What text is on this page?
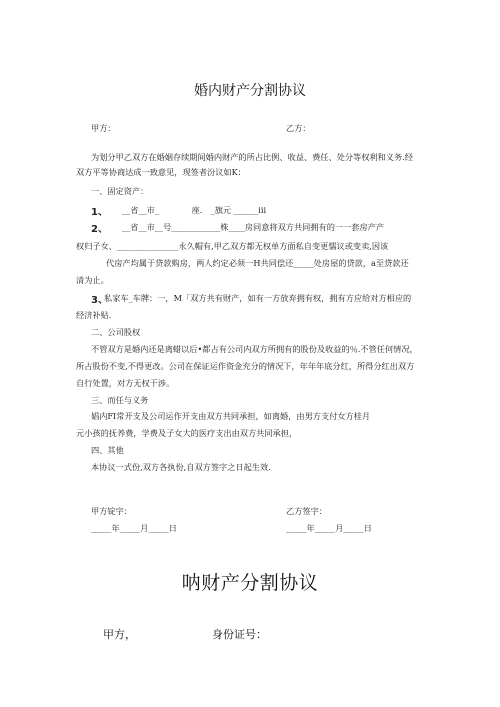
婚内财产分割协议
甲方：	乙方：
为划分甲乙双方在婚姻存续期间婚内财产的所占比例、收益、费任、处分等权利和义务.经
双方平等协商达成一致意见，现签者汾议如K：
一、固定资产：
1、 __省__市_　　　　座.　_旗元 ______ⅲ
2、 __省__市__号____________株____房同意将双方共同拥有的一一套房产产
权归子女、_______________永久帽有,甲乙双方都无权单方面私自变更懦议或变卖,因该
代房产均属于贷款购房，两人约定必须一H共同偿还_____处房屋的贷款，a至贷款还
清为止。
3、
私家车_车牌：一，M「双方共有财产，如有一方放弃拥有权，拥有方应给对方相应的
经济补贴.
二、公司股权
不管双方是婚内还是离蜡以后•都占有公司内双方所拥有的股份及收益的％.不管任何情况，
所占股份不变,不得更改。公司在保证运作资金充分的情况下，年年年底分红，所得分红出双方
自行处置，对方无权干涉。
三、而任与义务
娼内FI常开支及公司运作开支由双方共同承担，如离婚，由男方支付女方桂月
元小孩的抚养费，学费及子女大的医疗支出由双方共同承担，
四、其他
本协议一式份,双方各执份,自双方签字之日起生效.
甲方锭字：	乙方签字：
_____年_____月_____日	_____年_____月_____日
呐财产分割协议
甲方，	身份证号：
